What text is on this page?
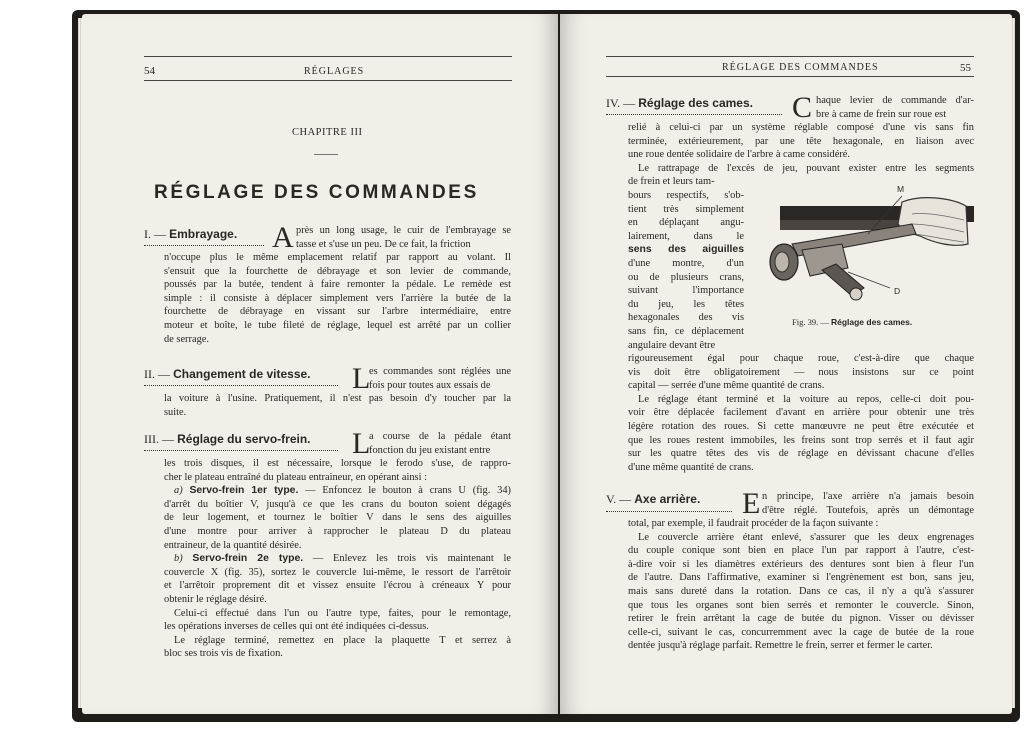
54	RÉGLAGES
CHAPITRE III
RÉGLAGE DES COMMANDES
I. — Embrayage. A près un long usage, le cuir de l'embrayage se
tasse et s'use un peu. De ce fait, la friction
n'occupe plus le même emplacement relatif par rapport au volant. Il
s'ensuit que la fourchette de débrayage et son levier de commande,
poussés par la butée, tendent à faire remonter la pédale. Le remède est
simple : il consiste à déplacer simplement vers l'arrière la butée de la
fourchette de débrayage en vissant sur l'arbre intermédiaire, entre
moteur et boîte, le tube fileté de réglage, lequel est arrêté par un collier
de serrage.
II. — Changement de vitesse. L
es commandes sont réglées une
fois pour toutes aux essais de
la voiture à l'usine. Pratiquement, il n'est pas besoin d'y toucher par la
suite.
III. — Réglage du servo-frein. L
a course de la pédale étant
fonction du jeu existant entre
les trois disques, il est nécessaire, lorsque le ferodo s'use, de rappro-
cher le plateau entraîné du plateau entraineur, en opérant ainsi :
a) Servo-frein 1er type. — Enfoncez le bouton à crans U (fig. 34)
d'arrêt du boîtier V, jusqu'à ce que les crans du bouton soient dégagés
de leur logement, et tournez le boîtier V dans le sens des aiguilles
d'une montre pour arriver à rapprocher le plateau D du plateau
entraineur, de la quantité désirée.
b) Servo-frein 2e type. — Enlevez les trois vis maintenant le
couvercle X (fig. 35), sortez le couvercle lui-même, le ressort de l'arrêtoir
et l'arrêtoir proprement dit et vissez ensuite l'écrou à créneaux Y pour
obtenir le réglage désiré.
Celui-ci effectué dans l'un ou l'autre type, faites, pour le remontage,
les opérations inverses de celles qui ont été indiquées ci-dessus.
Le réglage terminé, remettez en place la plaquette T et serrez à
bloc ses trois vis de fixation.
RÉGLAGE DES COMMANDES	55
IV. — Réglage des cames. C haque levier de commande d'ar-
bre à came de frein sur roue est
relié à celui-ci par un système réglable composé d'une vis sans fin
terminée, extérieurement, par une tête hexagonale, en liaison avec
une roue dentée solidaire de l'arbre à came considéré.
Le rattrapage de l'excès de jeu, pouvant exister entre les segments
de frein et leurs tam-
bours respectifs, s'ob-
tient très simplement
en déplaçant angu-
lairement, dans le
sens des aiguilles
d'une montre, d'un
ou de plusieurs crans,
suivant l'importance
du jeu, les têtes
hexagonales des vis
sans fin, ce déplacement
angulaire devant être
M
D
Fig. 39. — Réglage des cames.
rigoureusement égal pour chaque roue, c'est-à-dire que chaque
vis doit être obligatoirement — nous insistons sur ce point
capital — serrée d'une même quantité de crans.
Le réglage étant terminé et la voiture au repos, celle-ci doit pou-
voir être déplacée facilement d'avant en arrière pour obtenir une très
légère rotation des roues. Si cette manœuvre ne peut être exécutée et
que les roues restent immobiles, les freins sont trop serrés et il faut agir
sur les quatre têtes des vis de réglage en dévissant chacune d'elles
d'une même quantité de crans.
V. — Axe arrière. E n principe, l'axe arrière n'a jamais besoin
d'être réglé. Toutefois, après un démontage
total, par exemple, il faudrait procéder de la façon suivante :
Le couvercle arrière étant enlevé, s'assurer que les deux engrenages
du couple conique sont bien en place l'un par rapport à l'autre, c'est-
à-dire voir si les diamètres extérieurs des dentures sont bien à fleur l'un
de l'autre. Dans l'affirmative, examiner si l'engrènement est bon, sans jeu,
mais sans dureté dans la rotation. Dans ce cas, il n'y a qu'à s'assurer
que tous les organes sont bien serrés et remonter le couvercle. Sinon,
retirer le frein arrêtant la cage de butée du pignon. Visser ou dévisser
celle-ci, suivant le cas, concurremment avec la cage de butée de la roue
dentée jusqu'à réglage parfait. Remettre le frein, serrer et fermer le carter.
